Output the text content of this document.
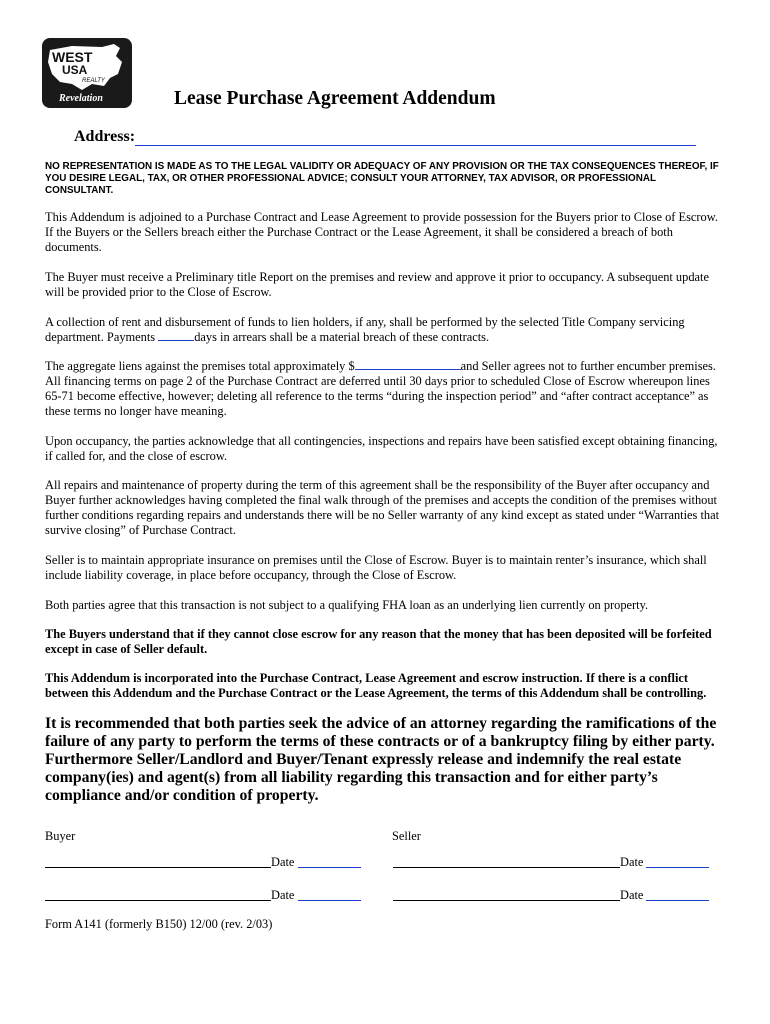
WEST
USA
REALTY
Revelation	Lease Purchase Agreement Addendum
Address:
NO REPRESENTATION IS MADE AS TO THE LEGAL VALIDITY OR ADEQUACY OF ANY PROVISION OR THE TAX CONSEQUENCES THEREOF, IF YOU DESIRE LEGAL, TAX, OR OTHER PROFESSIONAL ADVICE; CONSULT YOUR ATTORNEY, TAX ADVISOR, OR PROFESSIONAL CONSULTANT.
This Addendum is adjoined to a Purchase Contract and Lease Agreement to provide possession for the Buyers prior to Close of Escrow. If the Buyers or the Sellers breach either the Purchase Contract or the Lease Agreement, it shall be considered a breach of both documents.
The Buyer must receive a Preliminary title Report on the premises and review and approve it prior to occupancy. A subsequent update will be provided prior to the Close of Escrow.
A collection of rent and disbursement of funds to lien holders, if any, shall be performed by the selected Title Company servicing department. Payments	days in arrears shall be a material breach of these contracts.
The aggregate liens against the premises total approximately $	and Seller agrees not to further encumber premises. All financing terms on page 2 of the Purchase Contract are deferred until 30 days prior to scheduled Close of Escrow whereupon lines 65-71 become effective, however; deleting all reference to the terms “during the inspection period” and “after contract acceptance” as these terms no longer have meaning.
Upon occupancy, the parties acknowledge that all contingencies, inspections and repairs have been satisfied except obtaining financing, if called for, and the close of escrow.
All repairs and maintenance of property during the term of this agreement shall be the responsibility of the Buyer after occupancy and Buyer further acknowledges having completed the final walk through of the premises and accepts the condition of the premises without further conditions regarding repairs and understands there will be no Seller warranty of any kind except as stated under “Warranties that survive closing” of Purchase Contract.
Seller is to maintain appropriate insurance on premises until the Close of Escrow. Buyer is to maintain renter’s insurance, which shall include liability coverage, in place before occupancy, through the Close of Escrow.
Both parties agree that this transaction is not subject to a qualifying FHA loan as an underlying lien currently on property.
The Buyers understand that if they cannot close escrow for any reason that the money that has been deposited will be forfeited except in case of Seller default.
This Addendum is incorporated into the Purchase Contract, Lease Agreement and escrow instruction. If there is a conflict between this Addendum and the Purchase Contract or the Lease Agreement, the terms of this Addendum shall be controlling.
It is recommended that both parties seek the advice of an attorney regarding the ramifications of the failure of any party to perform the terms of these contracts or of a bankruptcy filing by either party. Furthermore Seller/Landlord and Buyer/Tenant expressly release and indemnify the real estate company(ies) and agent(s) from all liability regarding this transaction and for either party’s compliance and/or condition of property.
Buyer	Seller
Date	Date
Date	Date
Form A141 (formerly B150) 12/00 (rev. 2/03)
